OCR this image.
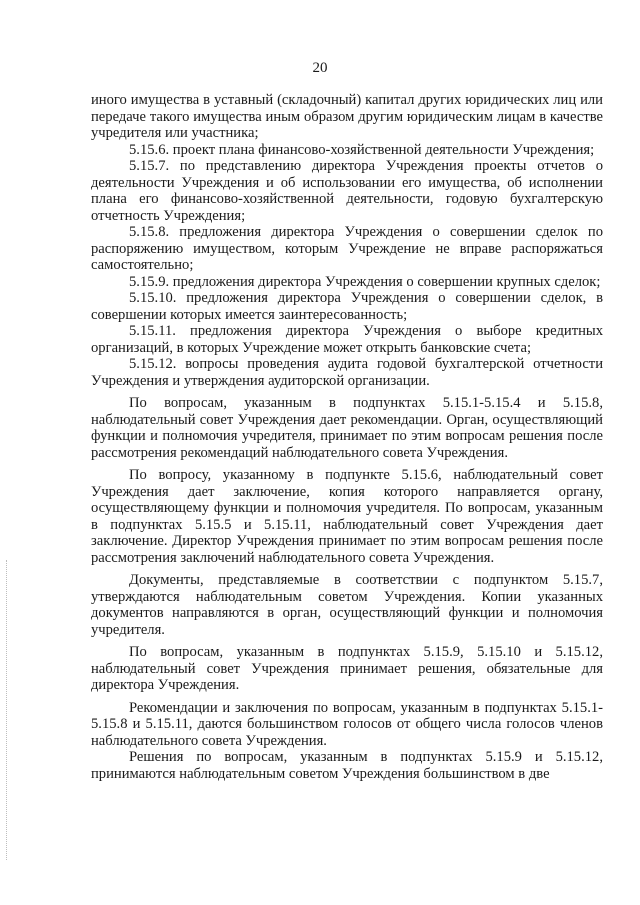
20

иного имущества в уставный (складочный) капитал других юридических лиц или передаче такого имущества иным образом другим юридическим лицам в качестве учредителя или участника;

5.15.6. проект плана финансово-хозяйственной деятельности Учреждения;

5.15.7. по представлению директора Учреждения проекты отчетов о деятельности Учреждения и об использовании его имущества, об исполнении плана его финансово-хозяйственной деятельности, годовую бухгалтерскую отчетность Учреждения;

5.15.8. предложения директора Учреждения о совершении сделок по распоряжению имуществом, которым Учреждение не вправе распоряжаться самостоятельно;

5.15.9. предложения директора Учреждения о совершении крупных сделок;

5.15.10. предложения директора Учреждения о совершении сделок, в совершении которых имеется заинтересованность;

5.15.11. предложения директора Учреждения о выборе кредитных организаций, в которых Учреждение может открыть банковские счета;

5.15.12. вопросы проведения аудита годовой бухгалтерской отчетности Учреждения и утверждения аудиторской организации.

По вопросам, указанным в подпунктах 5.15.1-5.15.4 и 5.15.8, наблюдательный совет Учреждения дает рекомендации. Орган, осуществляющий функции и полномочия учредителя, принимает по этим вопросам решения после рассмотрения рекомендаций наблюдательного совета Учреждения.

По вопросу, указанному в подпункте 5.15.6, наблюдательный совет Учреждения дает заключение, копия которого направляется органу, осуществляющему функции и полномочия учредителя. По вопросам, указанным в подпунктах 5.15.5 и 5.15.11, наблюдательный совет Учреждения дает заключение. Директор Учреждения принимает по этим вопросам решения после рассмотрения заключений наблюдательного совета Учреждения.

Документы, представляемые в соответствии с подпунктом 5.15.7, утверждаются наблюдательным советом Учреждения. Копии указанных документов направляются в орган, осуществляющий функции и полномочия учредителя.

По вопросам, указанным в подпунктах 5.15.9, 5.15.10 и 5.15.12, наблюдательный совет Учреждения принимает решения, обязательные для директора Учреждения.

Рекомендации и заключения по вопросам, указанным в подпунктах 5.15.1-5.15.8 и 5.15.11, даются большинством голосов от общего числа голосов членов наблюдательного совета Учреждения.

Решения по вопросам, указанным в подпунктах 5.15.9 и 5.15.12, принимаются наблюдательным советом Учреждения большинством в две
